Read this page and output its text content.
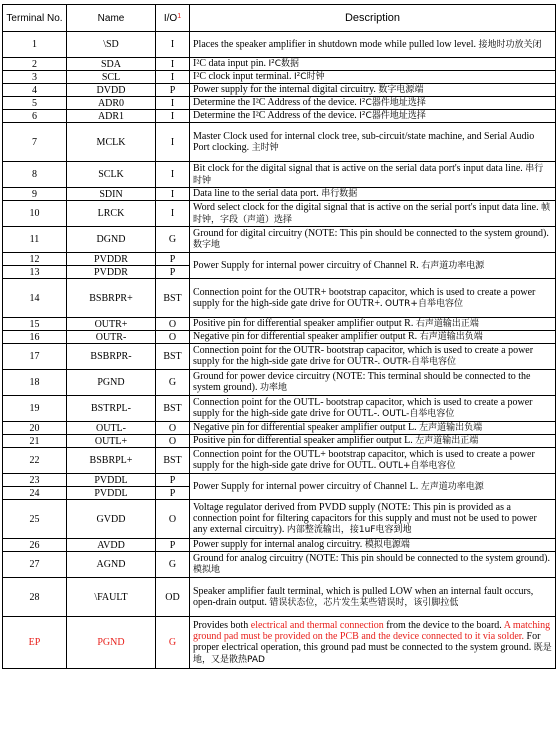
Terminal No.	Name	I/O$^1$	Description
1	\SD	I	Places the speaker amplifier in shutdown mode while pulled low level. 接地时功放关闭
2	SDA	I	I²C data input pin. I²C数据
3	SCL	I	I²C clock input terminal. I²C时钟
4	DVDD	P	Power supply for the internal digital circuitry. 数字电源端
5	ADR0	I	Determine the I²C Address of the device. I²C器件地址选择
6	ADR1	I	Determine the I²C Address of the device. I²C器件地址选择
7	MCLK	I	Master Clock used for internal clock tree, sub-circuit/state machine, and Serial Audio Port clocking. 主时钟
8	SCLK	I	Bit clock for the digital signal that is active on the serial data port's input data line. 串行时钟
9	SDIN	I	Data line to the serial data port. 串行数据
10	LRCK	I	Word select clock for the digital signal that is active on the serial port's input data line. 帧时钟，字段（声道）选择
11	DGND	G	Ground for digital circuitry (NOTE: This pin should be connected to the system ground). 数字地
12	PVDDR	P	Power Supply for internal power circuitry of Channel R. 右声道功率电源
13	PVDDR	P	
14	BSBRPR+	BST	Connection point for the OUTR+ bootstrap capacitor, which is used to create a power supply for the high-side gate drive for OUTR+. OUTR+自举电容位
15	OUTR+	O	Positive pin for differential speaker amplifier output R. 右声道输出正端
16	OUTR-	O	Negative pin for differential speaker amplifier output R. 右声道输出负端
17	BSBRPR-	BST	Connection point for the OUTR- bootstrap capacitor, which is used to create a power supply for the high-side gate drive for OUTR-. OUTR-自举电容位
18	PGND	G	Ground for power device circuitry (NOTE: This terminal should be connected to the system ground). 功率地
19	BSTRPL-	BST	Connection point for the OUTL- bootstrap capacitor, which is used to create a power supply for the high-side gate drive for OUTL-. OUTL-自举电容位
20	OUTL-	O	Negative pin for differential speaker amplifier output L. 左声道输出负端
21	OUTL+	O	Positive pin for differential speaker amplifier output L. 左声道输出正端
22	BSBRPL+	BST	Connection point for the OUTL+ bootstrap capacitor, which is used to create a power supply for the high-side gate drive for OUTL. OUTL+自举电容位
23	PVDDL	P	Power Supply for internal power circuitry of Channel L. 左声道功率电源
24	PVDDL	P	
25	GVDD	O	Voltage regulator derived from PVDD supply (NOTE: This pin is provided as a connection point for filtering capacitors for this supply and must not be used to power any external circuitry). 内部整流输出，接1uF电容到地
26	AVDD	P	Power supply for internal analog circuitry. 模拟电源端
27	AGND	G	Ground for analog circuitry (NOTE: This pin should be connected to the system ground). 模拟地
28	\FAULT	OD	Speaker amplifier fault terminal, which is pulled LOW when an internal fault occurs, open-drain output. 错误状态位，芯片发生某些错误时，该引脚拉低
EP	PGND	G	Provides both electrical and thermal connection from the device to the board. A matching ground pad must be provided on the PCB and the device connected to it via solder. For proper electrical operation, this ground pad must be connected to the system ground. 既是地，又是散热PAD
